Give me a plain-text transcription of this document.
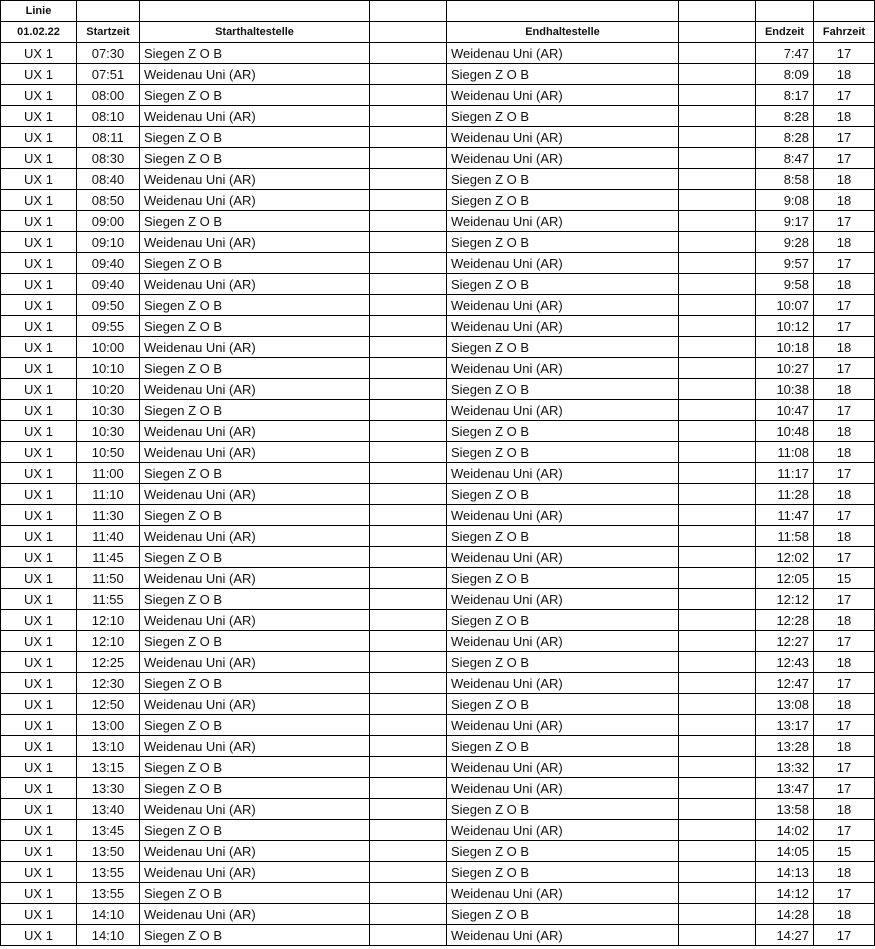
Linie							
01.02.22	Startzeit	Starthaltestelle		Endhaltestelle		Endzeit	Fahrzeit
UX 1	07:30	Siegen Z O B		Weidenau Uni (AR)		7:47	17
UX 1	07:51	Weidenau Uni (AR)		Siegen Z O B		8:09	18
UX 1	08:00	Siegen Z O B		Weidenau Uni (AR)		8:17	17
UX 1	08:10	Weidenau Uni (AR)		Siegen Z O B		8:28	18
UX 1	08:11	Siegen Z O B		Weidenau Uni (AR)		8:28	17
UX 1	08:30	Siegen Z O B		Weidenau Uni (AR)		8:47	17
UX 1	08:40	Weidenau Uni (AR)		Siegen Z O B		8:58	18
UX 1	08:50	Weidenau Uni (AR)		Siegen Z O B		9:08	18
UX 1	09:00	Siegen Z O B		Weidenau Uni (AR)		9:17	17
UX 1	09:10	Weidenau Uni (AR)		Siegen Z O B		9:28	18
UX 1	09:40	Siegen Z O B		Weidenau Uni (AR)		9:57	17
UX 1	09:40	Weidenau Uni (AR)		Siegen Z O B		9:58	18
UX 1	09:50	Siegen Z O B		Weidenau Uni (AR)		10:07	17
UX 1	09:55	Siegen Z O B		Weidenau Uni (AR)		10:12	17
UX 1	10:00	Weidenau Uni (AR)		Siegen Z O B		10:18	18
UX 1	10:10	Siegen Z O B		Weidenau Uni (AR)		10:27	17
UX 1	10:20	Weidenau Uni (AR)		Siegen Z O B		10:38	18
UX 1	10:30	Siegen Z O B		Weidenau Uni (AR)		10:47	17
UX 1	10:30	Weidenau Uni (AR)		Siegen Z O B		10:48	18
UX 1	10:50	Weidenau Uni (AR)		Siegen Z O B		11:08	18
UX 1	11:00	Siegen Z O B		Weidenau Uni (AR)		11:17	17
UX 1	11:10	Weidenau Uni (AR)		Siegen Z O B		11:28	18
UX 1	11:30	Siegen Z O B		Weidenau Uni (AR)		11:47	17
UX 1	11:40	Weidenau Uni (AR)		Siegen Z O B		11:58	18
UX 1	11:45	Siegen Z O B		Weidenau Uni (AR)		12:02	17
UX 1	11:50	Weidenau Uni (AR)		Siegen Z O B		12:05	15
UX 1	11:55	Siegen Z O B		Weidenau Uni (AR)		12:12	17
UX 1	12:10	Weidenau Uni (AR)		Siegen Z O B		12:28	18
UX 1	12:10	Siegen Z O B		Weidenau Uni (AR)		12:27	17
UX 1	12:25	Weidenau Uni (AR)		Siegen Z O B		12:43	18
UX 1	12:30	Siegen Z O B		Weidenau Uni (AR)		12:47	17
UX 1	12:50	Weidenau Uni (AR)		Siegen Z O B		13:08	18
UX 1	13:00	Siegen Z O B		Weidenau Uni (AR)		13:17	17
UX 1	13:10	Weidenau Uni (AR)		Siegen Z O B		13:28	18
UX 1	13:15	Siegen Z O B		Weidenau Uni (AR)		13:32	17
UX 1	13:30	Siegen Z O B		Weidenau Uni (AR)		13:47	17
UX 1	13:40	Weidenau Uni (AR)		Siegen Z O B		13:58	18
UX 1	13:45	Siegen Z O B		Weidenau Uni (AR)		14:02	17
UX 1	13:50	Weidenau Uni (AR)		Siegen Z O B		14:05	15
UX 1	13:55	Weidenau Uni (AR)		Siegen Z O B		14:13	18
UX 1	13:55	Siegen Z O B		Weidenau Uni (AR)		14:12	17
UX 1	14:10	Weidenau Uni (AR)		Siegen Z O B		14:28	18
UX 1	14:10	Siegen Z O B		Weidenau Uni (AR)		14:27	17
